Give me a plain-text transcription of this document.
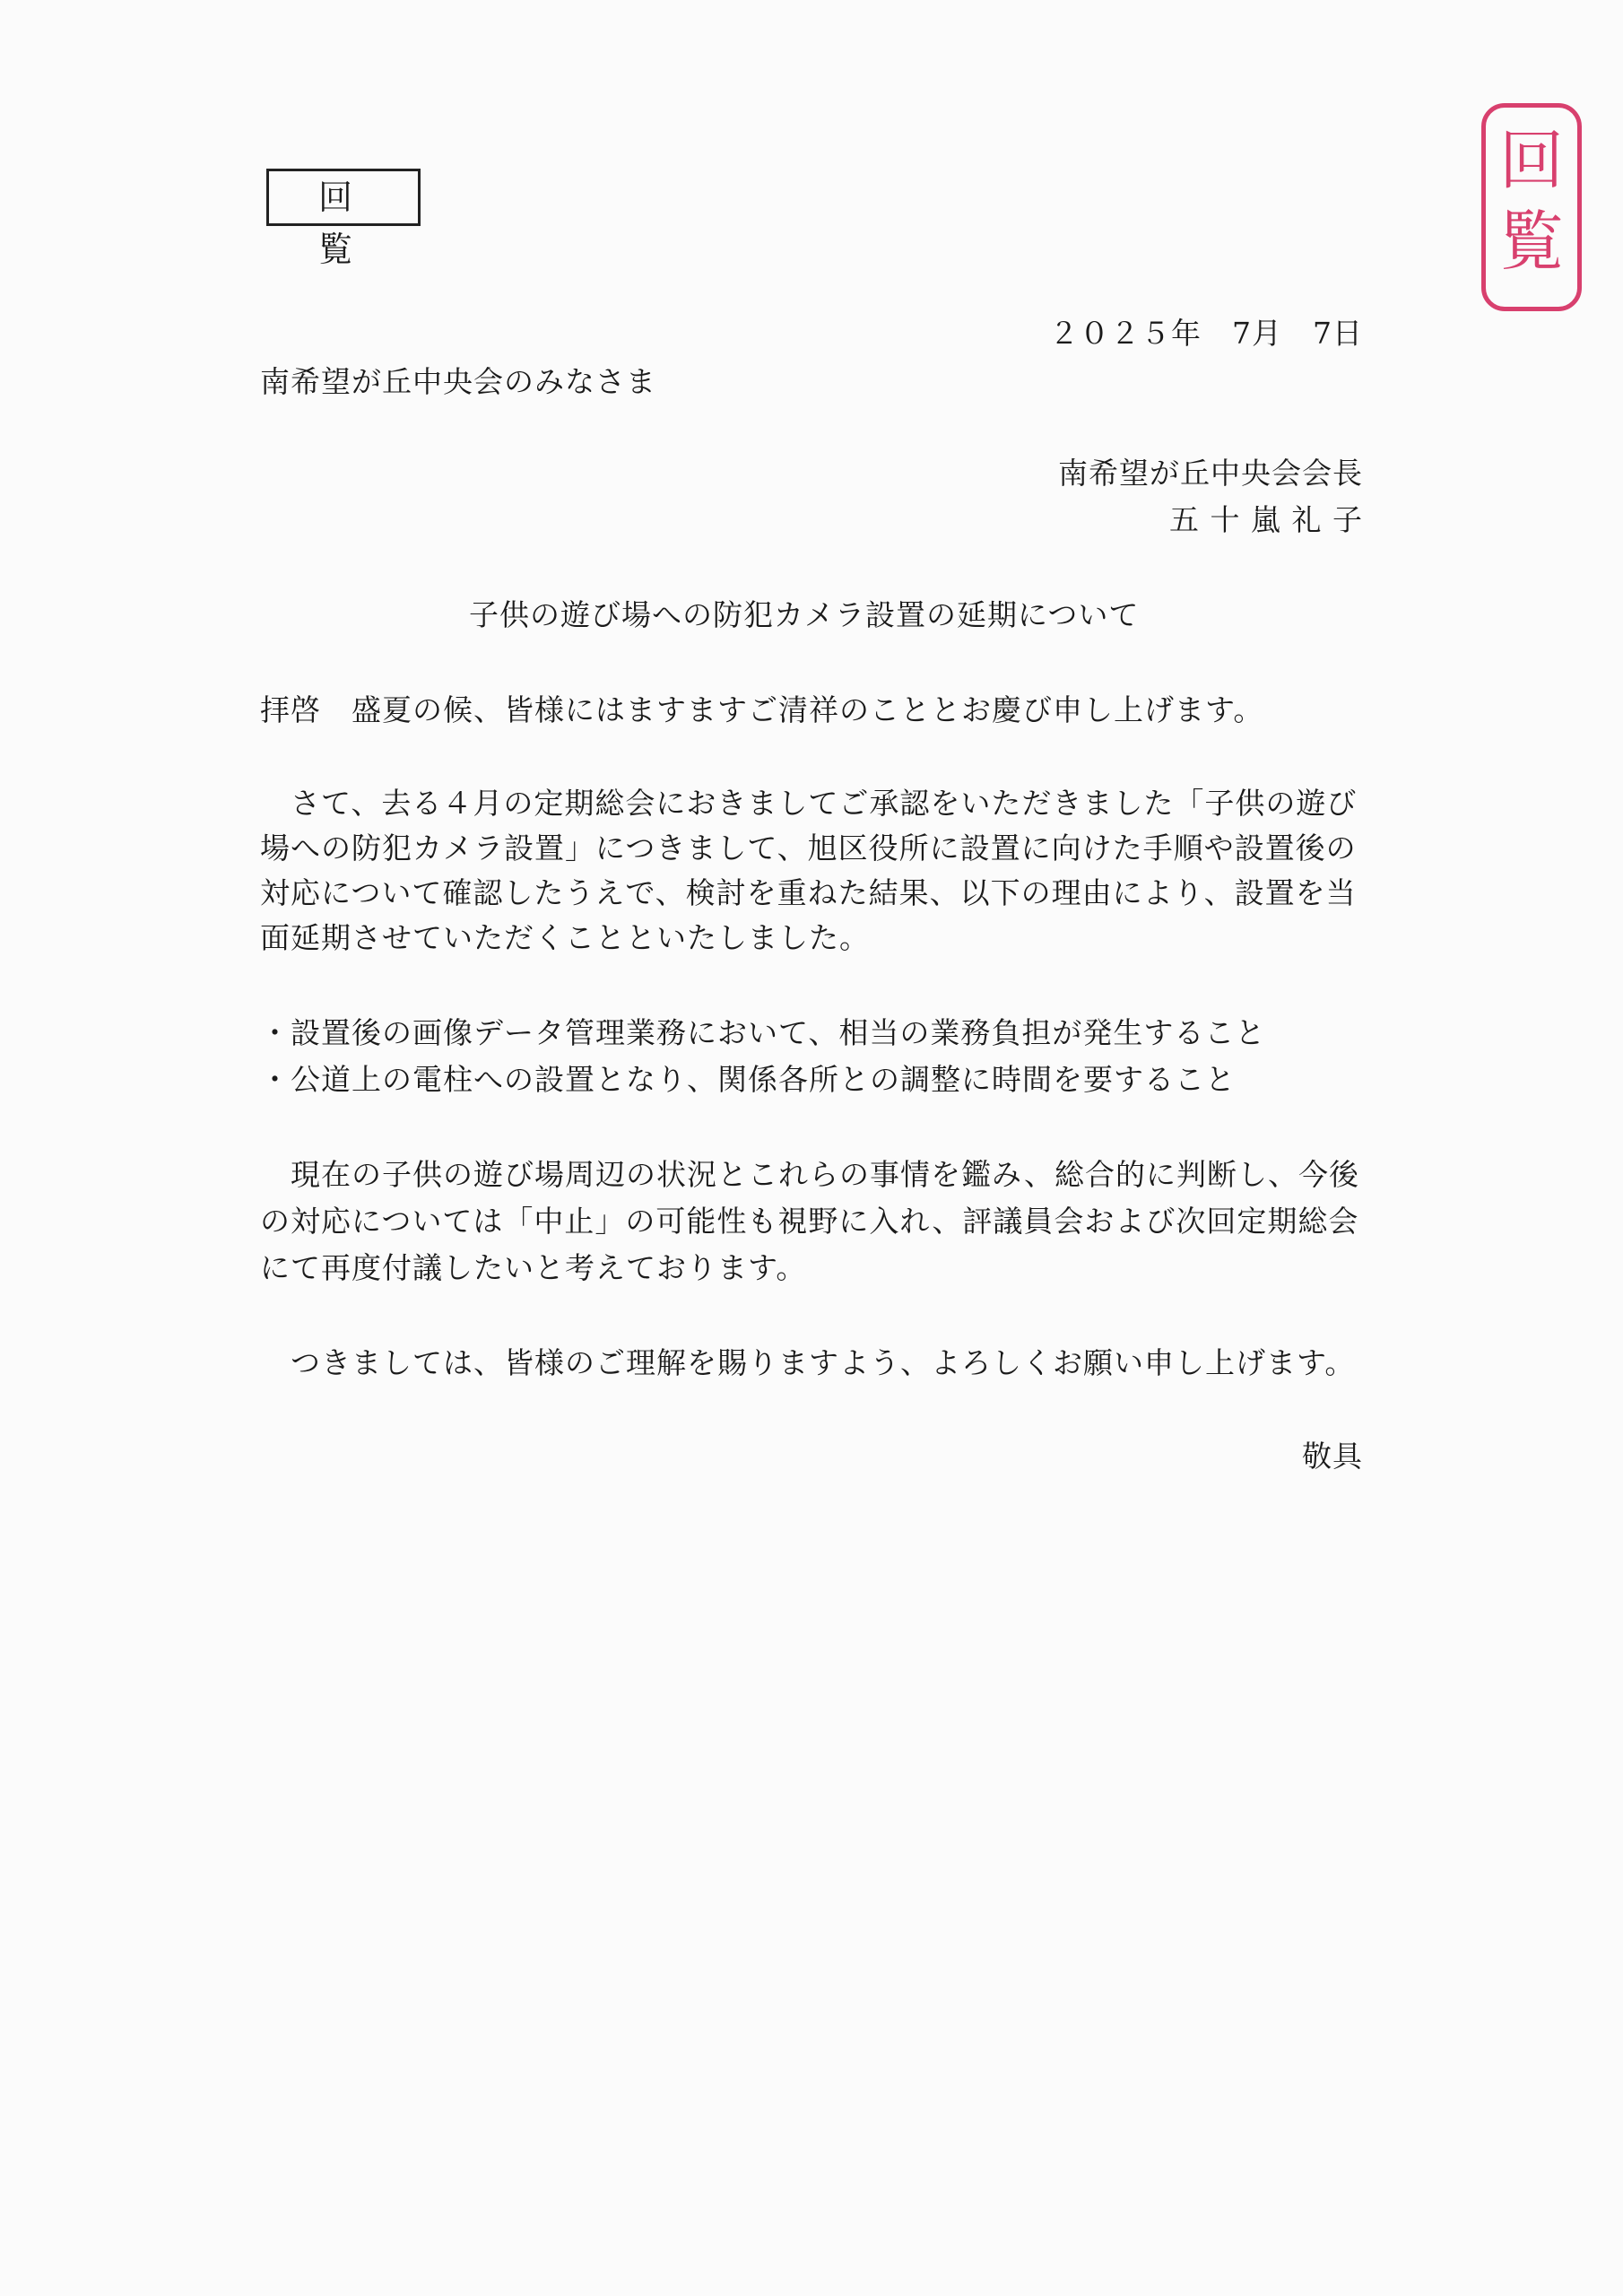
回　覧
回
覧
２０２５年　7月　7日
南希望が丘中央会のみなさま
南希望が丘中央会会長
五 十 嵐 礼 子
子供の遊び場への防犯カメラ設置の延期について
拝啓　盛夏の候、皆様にはますますご清祥のこととお慶び申し上げます。
　さて、去る４月の定期総会におきましてご承認をいただきました「子供の遊び
場への防犯カメラ設置」につきまして、旭区役所に設置に向けた手順や設置後の
対応について確認したうえで、検討を重ねた結果、以下の理由により、設置を当
面延期させていただくことといたしました。
・設置後の画像データ管理業務において、相当の業務負担が発生すること
・公道上の電柱への設置となり、関係各所との調整に時間を要すること
　現在の子供の遊び場周辺の状況とこれらの事情を鑑み、総合的に判断し、今後
の対応については「中止」の可能性も視野に入れ、評議員会および次回定期総会
にて再度付議したいと考えております。
　つきましては、皆様のご理解を賜りますよう、よろしくお願い申し上げます。
敬具
